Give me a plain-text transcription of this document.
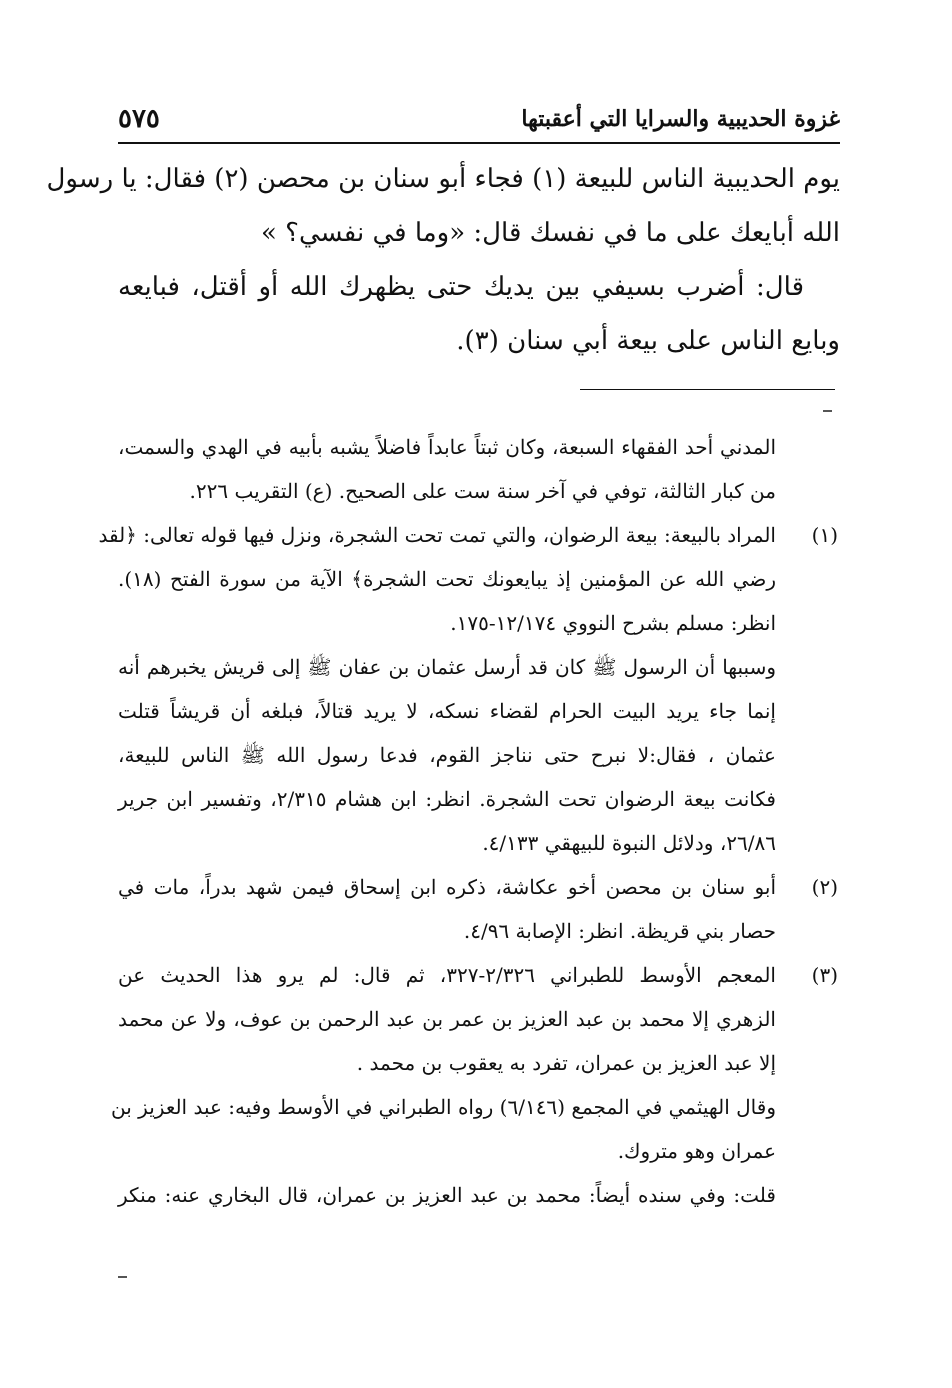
غزوة الحديبية والسرايا التي أعقبتها
٥٧٥
يوم الحديبية الناس للبيعة (١) فجاء أبو سنان بن محصن (٢) فقال: يا رسول
الله أبايعك على ما في نفسك قال: «وما في نفسي؟ »
قال: أضرب بسيفي بين يديك حتى يظهرك الله أو أقتل، فبايعه
وبايع الناس على بيعة أبي سنان (٣).
المدني أحد الفقهاء السبعة، وكان ثبتاً عابداً فاضلاً يشبه بأبيه في الهدي والسمت،
من كبار الثالثة، توفي في آخر سنة ست على الصحيح. (ع) التقريب ٢٢٦.
(١)
المراد بالبيعة: بيعة الرضوان، والتي تمت تحت الشجرة، ونزل فيها قوله تعالى: ﴿لقد
رضي الله عن المؤمنين إذ يبايعونك تحت الشجرة﴾ الآية من سورة الفتح (١٨).
انظر: مسلم بشرح النووي ١٢/١٧٤-١٧٥.
وسببها أن الرسول ﷺ كان قد أرسل عثمان بن عفان ﷺ إلى قريش يخبرهم أنه
إنما جاء يريد البيت الحرام لقضاء نسكه، لا يريد قتالاً، فبلغه أن قريشاً قتلت
عثمان ، فقال:لا نبرح حتى نناجز القوم، فدعا رسول الله ﷺ الناس للبيعة،
فكانت بيعة الرضوان تحت الشجرة. انظر: ابن هشام ٢/٣١٥، وتفسير ابن جرير
٢٦/٨٦، ودلائل النبوة للبيهقي ٤/١٣٣.
(٢)
أبو سنان بن محصن أخو عكاشة، ذكره ابن إسحاق فيمن شهد بدراً، مات في
حصار بني قريظة. انظر: الإصابة ٤/٩٦.
(٣)
المعجم الأوسط للطبراني ٢/٣٢٦-٣٢٧، ثم قال: لم يرو هذا الحديث عن
الزهري إلا محمد بن عبد العزيز بن عمر بن عبد الرحمن بن عوف، ولا عن محمد
إلا عبد العزيز بن عمران، تفرد به يعقوب بن محمد .
وقال الهيثمي في المجمع (٦/١٤٦) رواه الطبراني في الأوسط وفيه: عبد العزيز بن
عمران وهو متروك.
قلت: وفي سنده أيضاً: محمد بن عبد العزيز بن عمران، قال البخاري عنه: منكر
